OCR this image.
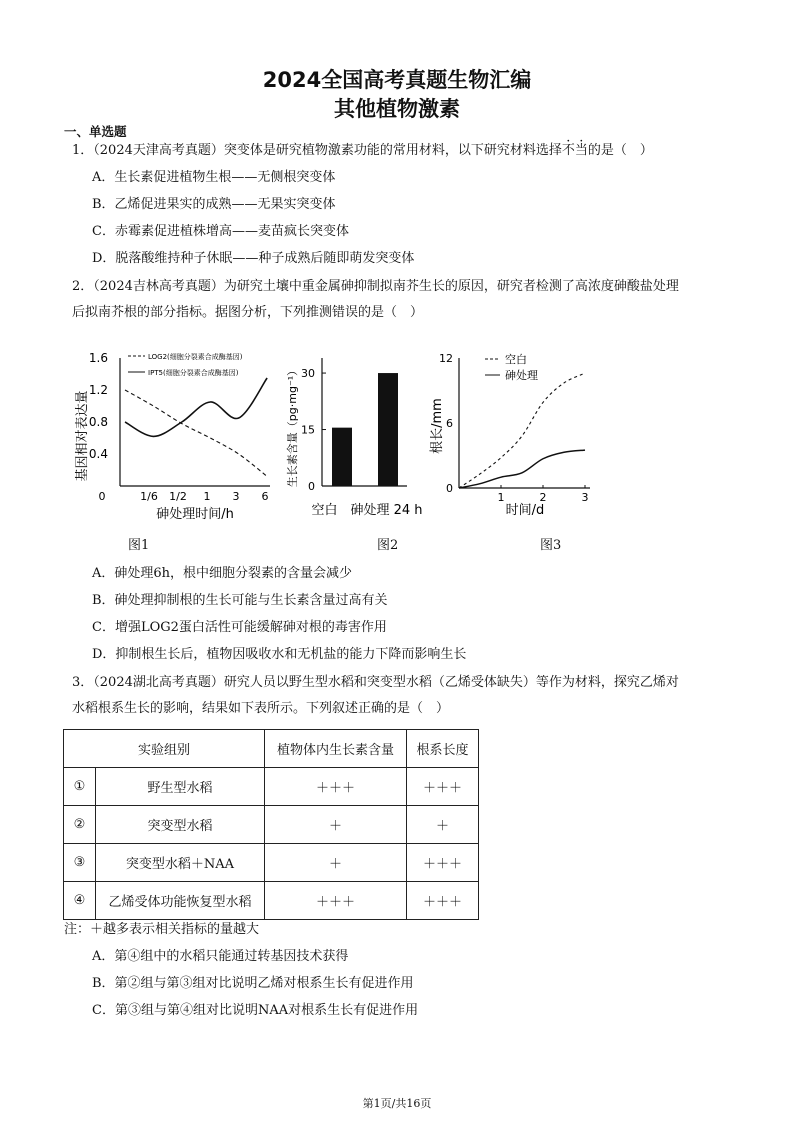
2024全国高考真题生物汇编
其他植物激素
一、单选题
1．（2024天津高考真题）突变体是研究植物激素功能的常用材料，以下研究材料选择不当的是（　）
A．生长素促进植物生根——无侧根突变体
B．乙烯促进果实的成熟——无果实突变体
C．赤霉素促进植株增高——麦苗疯长突变体
D．脱落酸维持种子休眠——种子成熟后随即萌发突变体
2．（2024吉林高考真题）为研究土壤中重金属砷抑制拟南芥生长的原因，研究者检测了高浓度砷酸盐处理
后拟南芥根的部分指标。据图分析，下列推测错误的是（　）
基因相对表达量
1.6
1.2
0.8
0.4
0	1/6 1/2 1 3 6
LOG2(细胞分裂素合成酶基因)
IPT5(细胞分裂素合成酶基因)
砷处理时间/h
图1
生长素含量（pg·mg⁻¹） 30
15
0
空白　砷处理 24 h
图2
根长/mm
12
6
0
1	2	3
空白
砷处理
时间/d
图3
A．砷处理6h，根中细胞分裂素的含量会减少
B．砷处理抑制根的生长可能与生长素含量过高有关
C．增强LOG2蛋白活性可能缓解砷对根的毒害作用
D．抑制根生长后，植物因吸收水和无机盐的能力下降而影响生长
3．（2024湖北高考真题）研究人员以野生型水稻和突变型水稻（乙烯受体缺失）等作为材料，探究乙烯对
水稻根系生长的影响，结果如下表所示。下列叙述正确的是（　）
实验组别		植物体内生长素含量	根系长度
①	野生型水稻	＋＋＋	＋＋＋
②	突变型水稻	＋	＋
③	突变型水稻＋NAA	＋	＋＋＋
④	乙烯受体功能恢复型水稻	＋＋＋	＋＋＋
注：＋越多表示相关指标的量越大
A．第④组中的水稻只能通过转基因技术获得
B．第②组与第③组对比说明乙烯对根系生长有促进作用
C．第③组与第④组对比说明NAA对根系生长有促进作用
第1页/共16页
